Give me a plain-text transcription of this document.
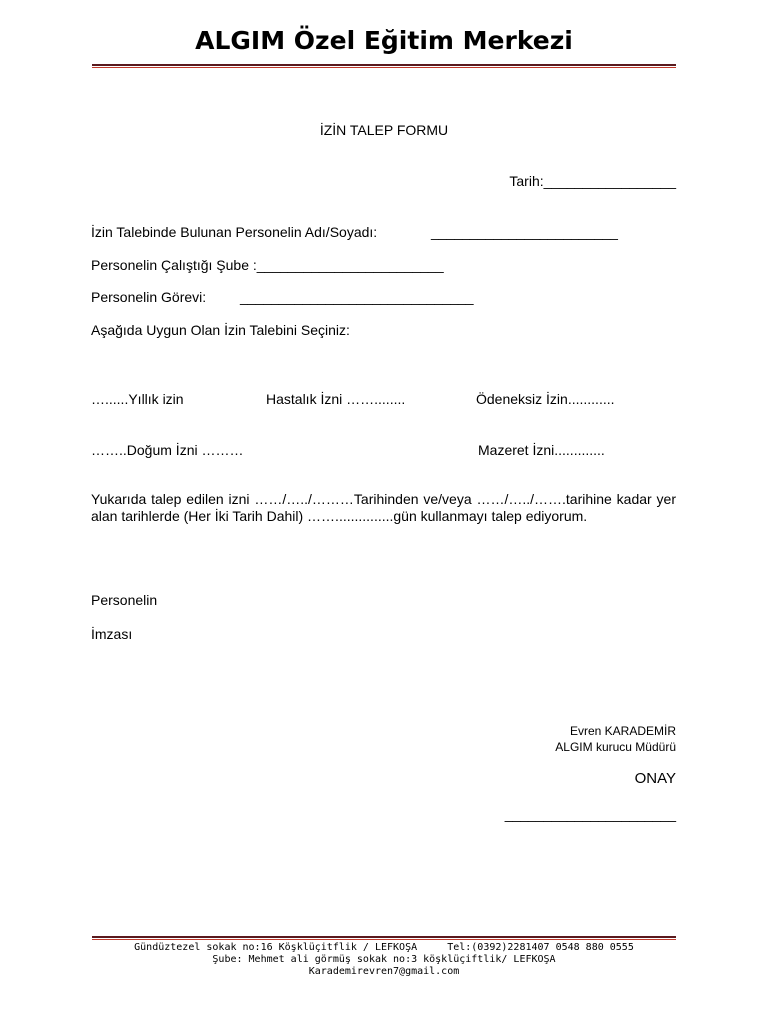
ALGIM Özel Eğitim Merkezi
İZİN TALEP FORMU
Tarih:_________________
İzin Talebinde Bulunan Personelin Adı/Soyadı:	________________________
Personelin Çalıştığı Şube :________________________
Personelin Görevi: ______________________________
Aşağıda Uygun Olan İzin Talebini Seçiniz:
…......Yıllık izin	Hastalık İzni ……........	Ödeneksiz İzin............
……..Doğum İzni ………	Mazeret İzni.............
Yukarıda talep edilen izni ……/…../………Tarihinden ve/veya ……/…../…….tarihine kadar yer alan tarihlerde (Her İki Tarih Dahil) ……...............gün kullanmayı talep ediyorum.
Personelin
İmzası
Evren KARADEMİR
ALGIM kurucu Müdürü
ONAY
______________________
Gündüztezel sokak no:16 Köşklüçitflik / LEFKOŞA     Tel:(0392)2281407 0548 880 0555
Şube: Mehmet ali görmüş sokak no:3 köşklüçiftlik/ LEFKOŞA
Karademirevren7@gmail.com
